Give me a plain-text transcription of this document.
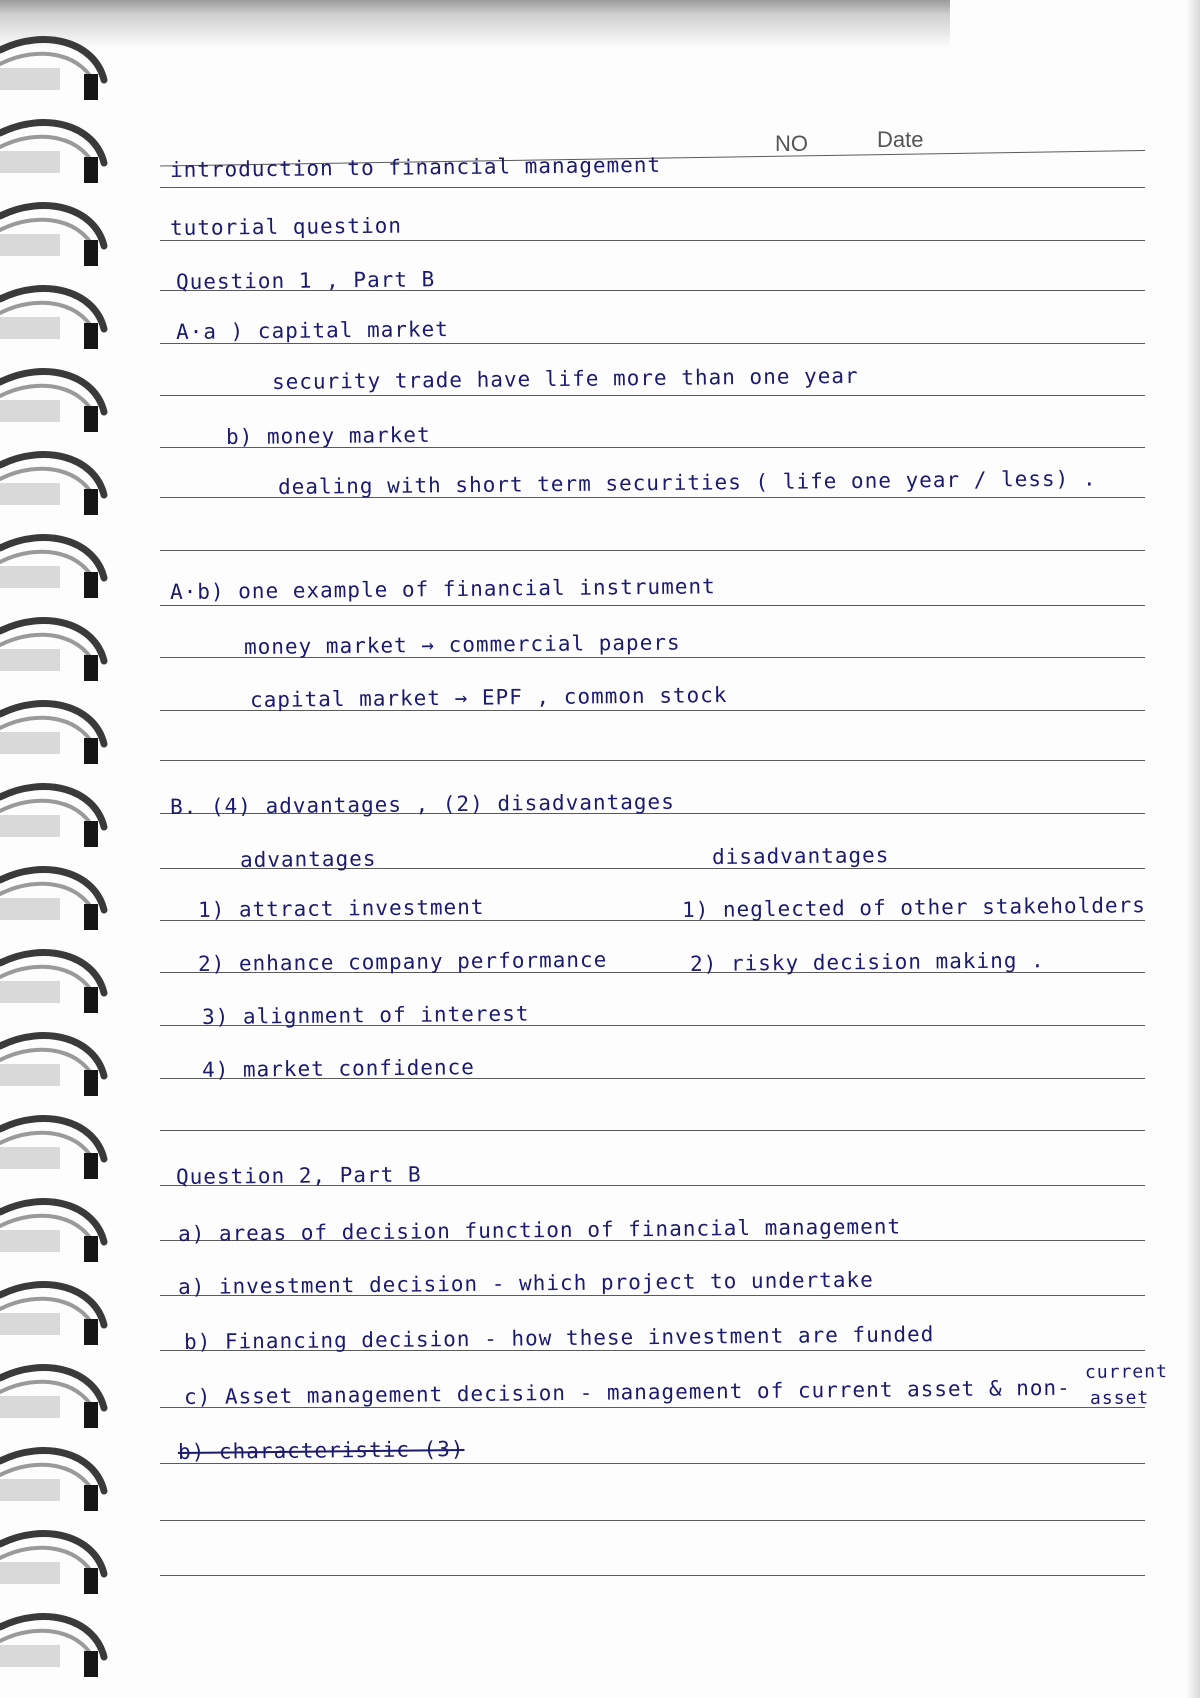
NO	Date
introduction to financial management
tutorial question
Question 1 , Part B
A·a ) capital market
security trade have life more than one year
b) money market
dealing with short term securities ( life one year / less) .
A·b) one example of financial instrument
money market → commercial papers
capital market → EPF , common stock
B. (4) advantages , (2) disadvantages
advantages	disadvantages
1) attract investment	1) neglected of other stakeholders
2) enhance company performance	2) risky decision making .
3) alignment of interest
4) market confidence
Question 2, Part B
a) areas of decision function of financial management
a) investment decision - which project to undertake
b) Financing decision - how these investment are funded
c) Asset management decision - management of current asset & non-
current
asset
b) characteristic (3)
